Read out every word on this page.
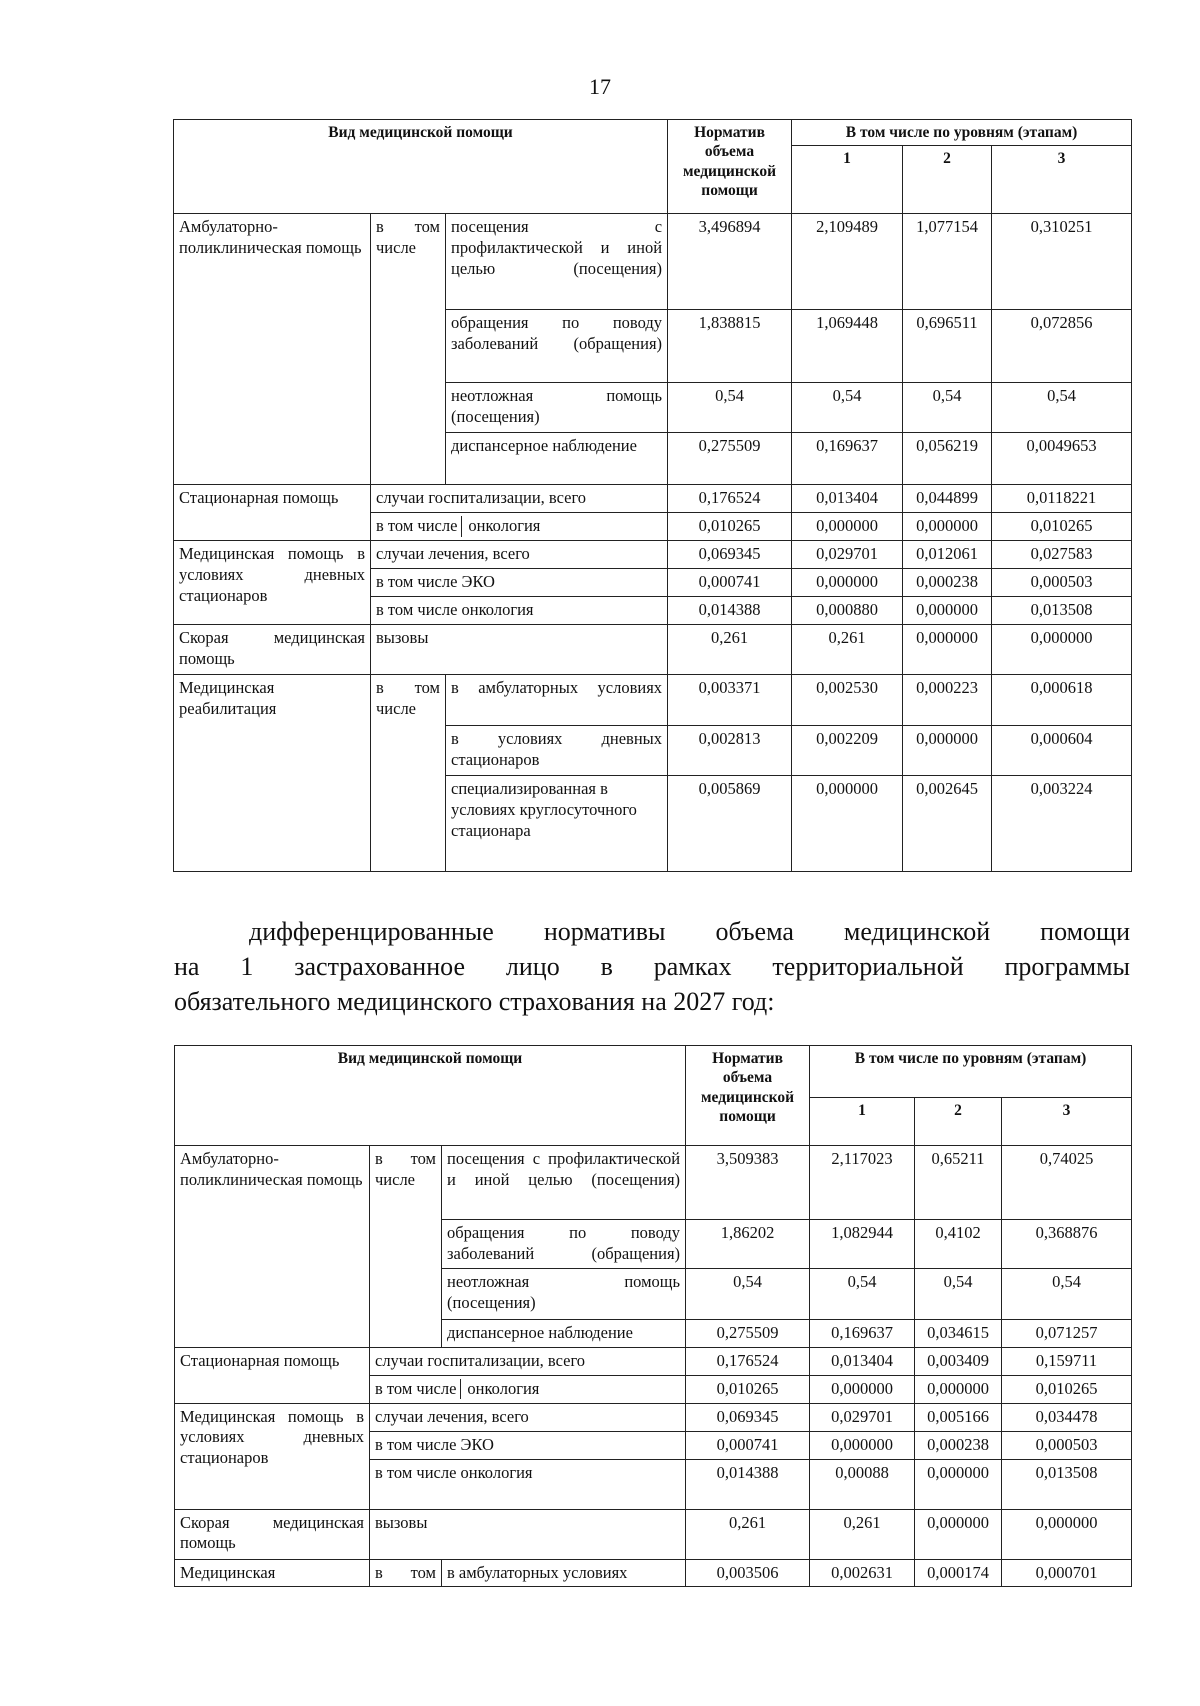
17
Вид медицинской помощи			Норматив объема медицинской помощи	В том числе по уровням (этапам)		
				1	2	3
Амбулаторно-поликлиническая помощь	в том числе	посещения с профилактической и иной целью (посещения)	3,496894	2,109489	1,077154	0,310251
		обращения по поводу заболеваний (обращения)	1,838815	1,069448	0,696511	0,072856
		неотложная помощь (посещения)	0,54	0,54	0,54	0,54
		диспансерное наблюдение	0,275509	0,169637	0,056219	0,0049653
Стационарная помощь	случаи госпитализации, всего		0,176524	0,013404	0,044899	0,0118221

	в том числе онкология		0,010265	0,000000	0,000000	0,010265
Медицинская помощь в условиях дневных стационаров	случаи лечения, всего		0,069345	0,029701	0,012061	0,027583
	в том числе ЭКО		0,000741	0,000000	0,000238	0,000503
	в том числе онкология		0,014388	0,000880	0,000000	0,013508
Скорая медицинская помощь	вызовы		0,261	0,261	0,000000	0,000000
Медицинская реабилитация	в том числе	в амбулаторных условиях	0,003371	0,002530	0,000223	0,000618
		в условиях дневных стационаров	0,002813	0,002209	0,000000	0,000604
		специализированная в условиях круглосуточного стационара	0,005869	0,000000	0,002645	0,003224
дифференцированные нормативы объема медицинской помощи
на 1 застрахованное лицо в рамках территориальной программы
обязательного медицинского страхования на 2027 год:
Вид медицинской помощи			Норматив объема медицинской помощи	В том числе по уровням (этапам)		
				1	2	3
Амбулаторно-поликлиническая помощь	в том числе	посещения с профилактической и иной целью (посещения)	3,509383	2,117023	0,65211	0,74025
		обращения по поводу заболеваний (обращения)	1,86202	1,082944	0,4102	0,368876
		неотложная помощь (посещения)	0,54	0,54	0,54	0,54
		диспансерное наблюдение	0,275509	0,169637	0,034615	0,071257
Стационарная помощь	случаи госпитализации, всего		0,176524	0,013404	0,003409	0,159711

	в том числе онкология		0,010265	0,000000	0,000000	0,010265
Медицинская помощь в условиях дневных стационаров	случаи лечения, всего		0,069345	0,029701	0,005166	0,034478
	в том числе ЭКО		0,000741	0,000000	0,000238	0,000503
	в том числе онкология		0,014388	0,00088	0,000000	0,013508
Скорая медицинская помощь	вызовы		0,261	0,261	0,000000	0,000000
Медицинская	в том	в амбулаторных условиях	0,003506	0,002631	0,000174	0,000701
